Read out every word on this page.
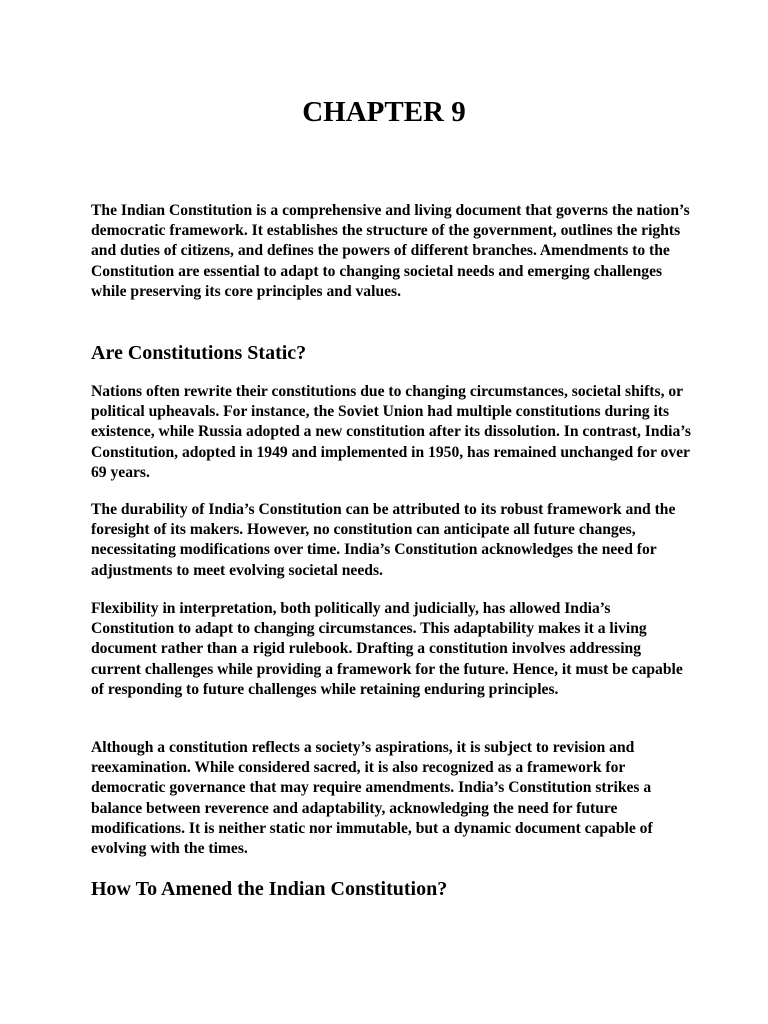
CHAPTER 9

The Indian Constitution is a comprehensive and living document that governs the nation’s democratic framework. It establishes the structure of the government, outlines the rights and duties of citizens, and defines the powers of different branches. Amendments to the Constitution are essential to adapt to changing societal needs and emerging challenges while preserving its core principles and values.

Are Constitutions Static?

Nations often rewrite their constitutions due to changing circumstances, societal shifts, or political upheavals. For instance, the Soviet Union had multiple constitutions during its existence, while Russia adopted a new constitution after its dissolution. In contrast, India’s Constitution, adopted in 1949 and implemented in 1950, has remained unchanged for over 69 years.

The durability of India’s Constitution can be attributed to its robust framework and the foresight of its makers. However, no constitution can anticipate all future changes, necessitating modifications over time. India’s Constitution acknowledges the need for adjustments to meet evolving societal needs.

Flexibility in interpretation, both politically and judicially, has allowed India’s Constitution to adapt to changing circumstances. This adaptability makes it a living document rather than a rigid rulebook. Drafting a constitution involves addressing current challenges while providing a framework for the future. Hence, it must be capable of responding to future challenges while retaining enduring principles.

Although a constitution reflects a society’s aspirations, it is subject to revision and reexamination. While considered sacred, it is also recognized as a framework for democratic governance that may require amendments. India’s Constitution strikes a balance between reverence and adaptability, acknowledging the need for future modifications. It is neither static nor immutable, but a dynamic document capable of evolving with the times.

How To Amened the Indian Constitution?
